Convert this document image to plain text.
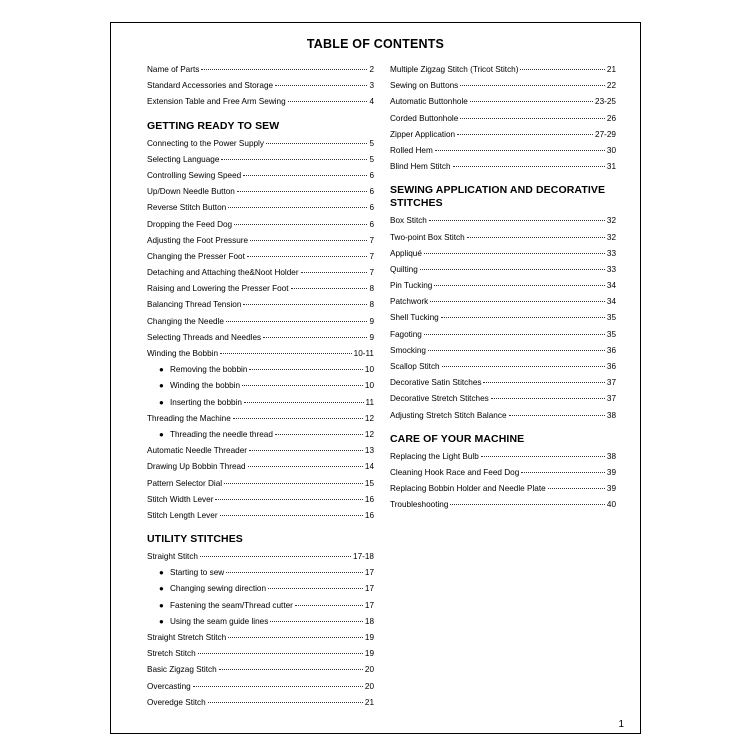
TABLE OF CONTENTS
Name of Parts	2
Standard Accessories and Storage	3
Extension Table and Free Arm Sewing	4
GETTING READY TO SEW
Connecting to the Power Supply	5
Selecting Language	5
Controlling Sewing Speed	6
Up/Down Needle Button	6
Reverse Stitch Button	6
Dropping the Feed Dog	6
Adjusting the Foot Pressure	7
Changing the Presser Foot	7
Detaching and Attaching the&Noot Holder	7
Raising and Lowering the Presser Foot	8
Balancing Thread Tension	8
Changing the Needle	9
Selecting Threads and Needles	9
Winding the Bobbin	10-11
● Removing the bobbin	10
● Winding the bobbin	10
● Inserting the bobbin	11
Threading the Machine	12
● Threading the needle thread	12
Automatic Needle Threader	13
Drawing Up Bobbin Thread	14
Pattern Selector Dial	15
Stitch Width Lever	16
Stitch Length Lever	16
UTILITY STITCHES
Straight Stitch	17-18
● Starting to sew	17
● Changing sewing direction	17
● Fastening the seam/Thread cutter	17
● Using the seam guide lines	18
Straight Stretch Stitch	19
Stretch Stitch	19
Basic Zigzag Stitch	20
Overcasting	20
Overedge Stitch	21
Multiple Zigzag Stitch (Tricot Stitch)	21
Sewing on Buttons	22
Automatic Buttonhole	23-25
Corded Buttonhole	26
Zipper Application	27-29
Rolled Hem	30
Blind Hem Stitch	31
SEWING APPLICATION AND DECORATIVE STITCHES
Box Stitch	32
Two-point Box Stitch	32
Appliqué	33
Quilting	33
Pin Tucking	34
Patchwork	34
Shell Tucking	35
Fagoting	35
Smocking	36
Scallop Stitch	36
Decorative Satin Stitches	37
Decorative Stretch Stitches	37
Adjusting Stretch Stitch Balance	38
CARE OF YOUR MACHINE
Replacing the Light Bulb	38
Cleaning Hook Race and Feed Dog	39
Replacing Bobbin Holder and Needle Plate	39
Troubleshooting	40
1
